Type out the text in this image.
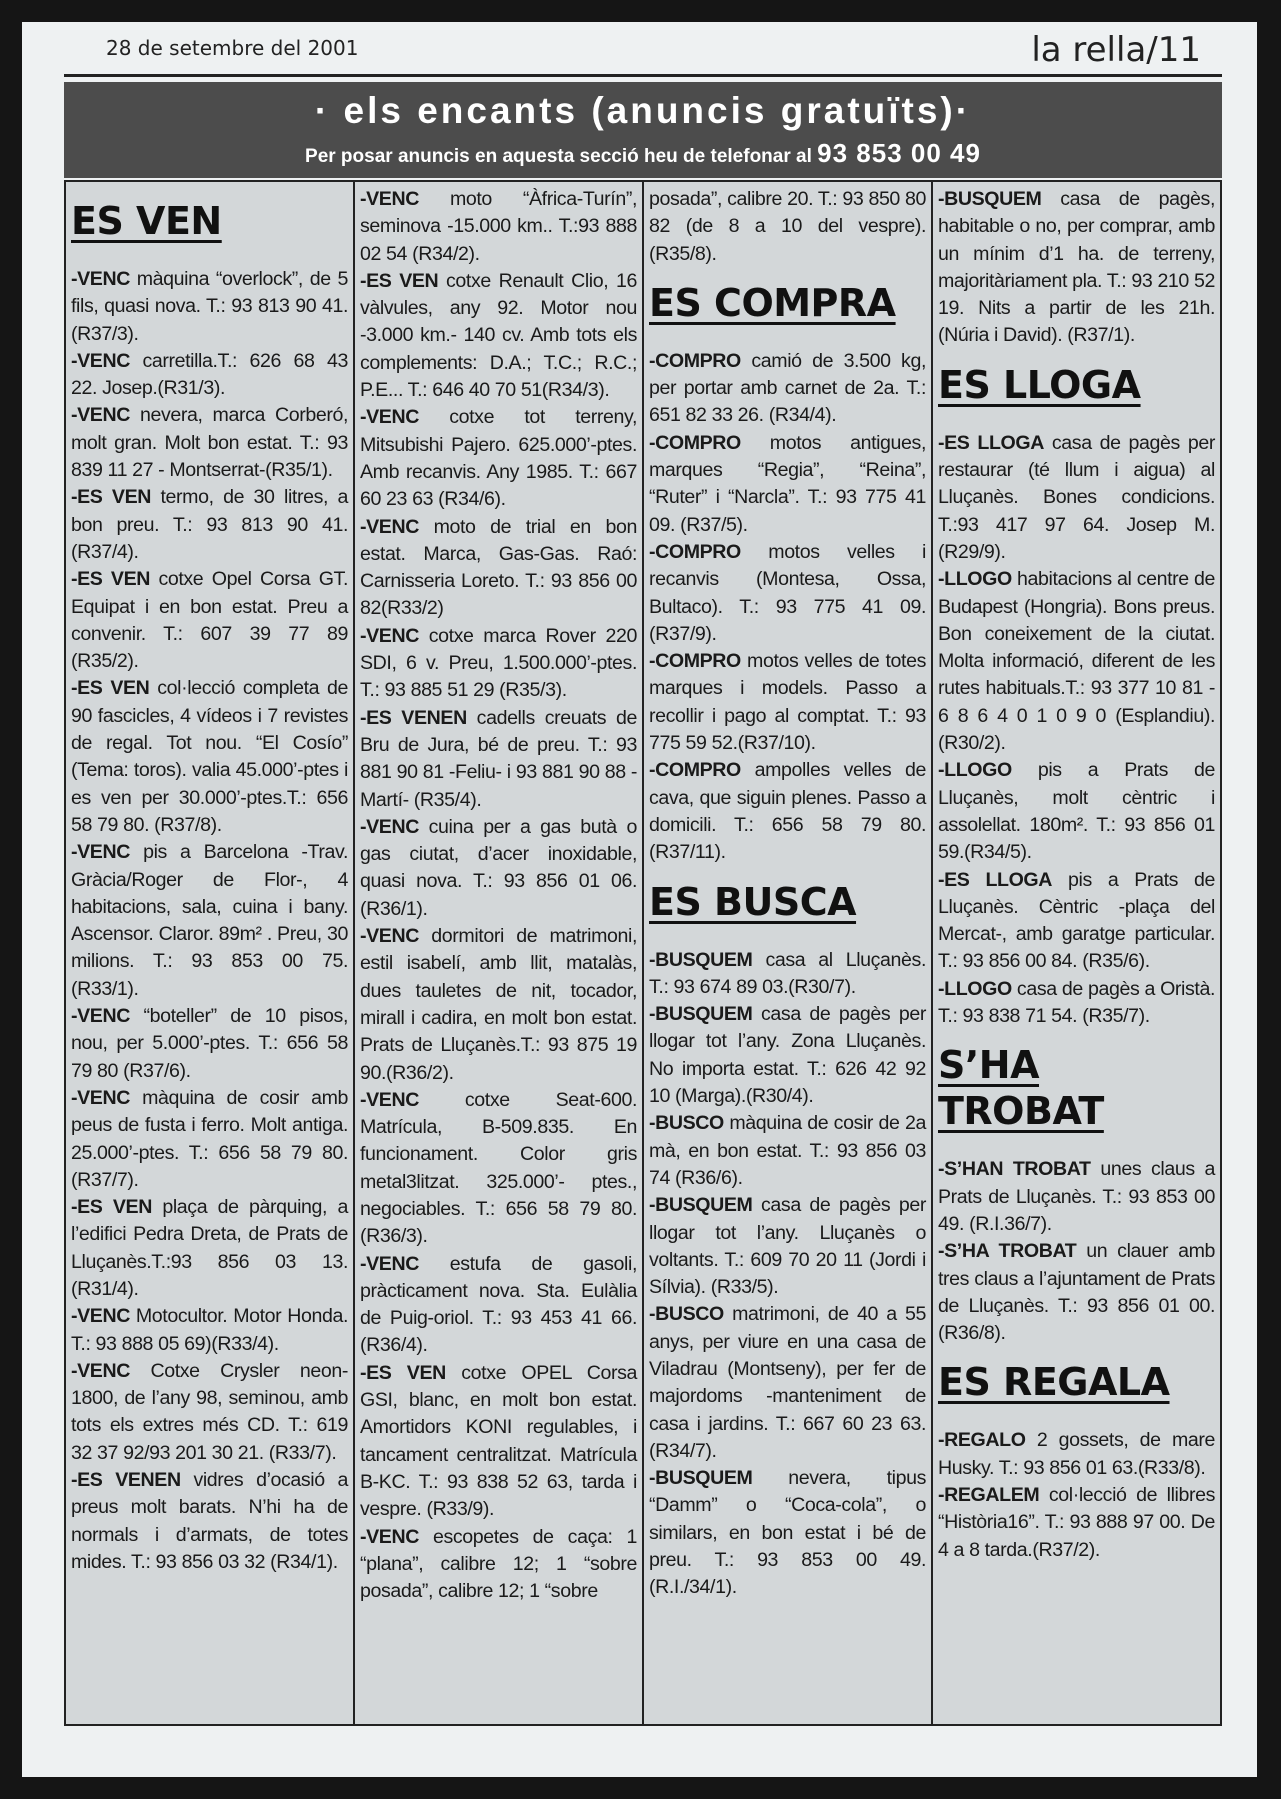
28 de setembre del 2001	la rella/11
· els encants (anuncis gratuïts)·
Per posar anuncis en aquesta secció heu de telefonar al 93 853 00 49
ES VEN

-VENC màquina “overlock”, de 5 fils, quasi nova. T.: 93 813 90 41. (R37/3).

-VENC carretilla.T.: 626 68 43 22. Josep.(R31/3).

-VENC nevera, marca Corberó, molt gran. Molt bon estat. T.: 93 839 11 27 - Montserrat-(R35/1).

-ES VEN termo, de 30 litres, a bon preu. T.: 93 813 90 41. (R37/4).

-ES VEN cotxe Opel Corsa GT. Equipat i en bon estat. Preu a convenir. T.: 607 39 77 89 (R35/2).

-ES VEN col·lecció completa de 90 fascicles, 4 vídeos i 7 revistes de regal. Tot nou. “El Cosío” (Tema: toros). valia 45.000’-ptes i es ven per 30.000’-ptes.T.: 656 58 79 80. (R37/8).

-VENC pis a Barcelona -Trav. Gràcia/Roger de Flor-, 4 habitacions, sala, cuina i bany. Ascensor. Claror. 89m² . Preu, 30 milions. T.: 93 853 00 75. (R33/1).

-VENC “boteller” de 10 pisos, nou, per 5.000’-ptes. T.: 656 58 79 80 (R37/6).

-VENC màquina de cosir amb peus de fusta i ferro. Molt antiga. 25.000’-ptes. T.: 656 58 79 80. (R37/7).

-ES VEN plaça de pàrquing, a l’edifici Pedra Dreta, de Prats de Lluçanès.T.:93 856 03 13.(R31/4).

-VENC Motocultor. Motor Honda. T.: 93 888 05 69)(R33/4).

-VENC Cotxe Crysler neon-1800, de l’any 98, seminou, amb tots els extres més CD. T.: 619 32 37 92/93 201 30 21. (R33/7).

-ES VENEN vidres d’ocasió a preus molt barats. N’hi ha de normals i d’armats, de totes mides. T.: 93 856 03 32 (R34/1).

-VENC moto “Àfrica-Turín”, seminova -15.000 km.. T.:93 888 02 54 (R34/2).

-ES VEN cotxe Renault Clio, 16 vàlvules, any 92. Motor nou -3.000 km.- 140 cv. Amb tots els complements: D.A.; T.C.; R.C.; P.E... T.: 646 40 70 51(R34/3).

-VENC cotxe tot terreny, Mitsubishi Pajero. 625.000’-ptes. Amb recanvis. Any 1985. T.: 667 60 23 63 (R34/6).

-VENC moto de trial en bon estat. Marca, Gas-Gas. Raó: Carnisseria Loreto. T.: 93 856 00 82(R33/2)

-VENC cotxe marca Rover 220 SDI, 6 v. Preu, 1.500.000’-ptes. T.: 93 885 51 29 (R35/3).

-ES VENEN cadells creuats de Bru de Jura, bé de preu. T.: 93 881 90 81 -Feliu- i 93 881 90 88 -Martí- (R35/4).

-VENC cuina per a gas butà o gas ciutat, d’acer inoxidable, quasi nova. T.: 93 856 01 06. (R36/1).

-VENC dormitori de matrimoni, estil isabelí, amb llit, matalàs, dues tauletes de nit, tocador, mirall i cadira, en molt bon estat. Prats de Lluçanès.T.: 93 875 19 90.(R36/2).

-VENC cotxe Seat-600. Matrícula, B-509.835. En funcionament. Color gris metal3litzat. 325.000’- ptes., negociables. T.: 656 58 79 80.(R36/3).

-VENC estufa de gasoli, pràcticament nova. Sta. Eulàlia de Puig-oriol. T.: 93 453 41 66. (R36/4).

-ES VEN cotxe OPEL Corsa GSI, blanc, en molt bon estat. Amortidors KONI regulables, i tancament centralitzat. Matrícula B-KC. T.: 93 838 52 63, tarda i vespre. (R33/9).

-VENC escopetes de caça: 1 “plana”, calibre 12; 1 “sobre posada”, calibre 12; 1 “sobre

posada”, calibre 20. T.: 93 850 80 82 (de 8 a 10 del vespre). (R35/8).

ES COMPRA

-COMPRO camió de 3.500 kg, per portar amb carnet de 2a. T.: 651 82 33 26. (R34/4).

-COMPRO motos antigues, marques “Regia”, “Reina”, “Ruter” i “Narcla”. T.: 93 775 41 09. (R37/5).

-COMPRO motos velles i recanvis (Montesa, Ossa, Bultaco). T.: 93 775 41 09.(R37/9).

-COMPRO motos velles de totes marques i models. Passo a recollir i pago al comptat. T.: 93 775 59 52.(R37/10).

-COMPRO ampolles velles de cava, que siguin plenes. Passo a domicili. T.: 656 58 79 80. (R37/11).

ES BUSCA

-BUSQUEM casa al Lluçanès. T.: 93 674 89 03.(R30/7).

-BUSQUEM casa de pagès per llogar tot l’any. Zona Lluçanès. No importa estat. T.: 626 42 92 10 (Marga).(R30/4).

-BUSCO màquina de cosir de 2a mà, en bon estat. T.: 93 856 03 74 (R36/6).

-BUSQUEM casa de pagès per llogar tot l’any. Lluçanès o voltants. T.: 609 70 20 11 (Jordi i Sílvia). (R33/5).

-BUSCO matrimoni, de 40 a 55 anys, per viure en una casa de Viladrau (Montseny), per fer de majordoms -manteniment de casa i jardins. T.: 667 60 23 63. (R34/7).

-BUSQUEM nevera, tipus “Damm” o “Coca-cola”, o similars, en bon estat i bé de preu. T.: 93 853 00 49. (R.I./34/1).

-BUSQUEM casa de pagès, habitable o no, per comprar, amb un mínim d’1 ha. de terreny, majoritàriament pla. T.: 93 210 52 19. Nits a partir de les 21h. (Núria i David). (R37/1).

ES LLOGA

-ES LLOGA casa de pagès per restaurar (té llum i aigua) al Lluçanès. Bones condicions. T.:93 417 97 64. Josep M.(R29/9).

-LLOGO habitacions al centre de Budapest (Hongria). Bons preus. Bon coneixement de la ciutat. Molta informació, diferent de les rutes habituals.T.: 93 377 10 81 - 6 8 6 4 0 1 0 9 0 (Esplandiu).(R30/2).

-LLOGO pis a Prats de Lluçanès, molt cèntric i assolellat. 180m². T.: 93 856 01 59.(R34/5).

-ES LLOGA pis a Prats de Lluçanès. Cèntric -plaça del Mercat-, amb garatge particular. T.: 93 856 00 84. (R35/6).

-LLOGO casa de pagès a Oristà. T.: 93 838 71 54. (R35/7).

S’HA TROBAT

-S’HAN TROBAT unes claus a Prats de Lluçanès. T.: 93 853 00 49. (R.I.36/7).

-S’HA TROBAT un clauer amb tres claus a l’ajuntament de Prats de Lluçanès. T.: 93 856 01 00. (R36/8).

ES REGALA

-REGALO 2 gossets, de mare Husky. T.: 93 856 01 63.(R33/8).

-REGALEM col·lecció de llibres “Història16”. T.: 93 888 97 00. De 4 a 8 tarda.(R37/2).
